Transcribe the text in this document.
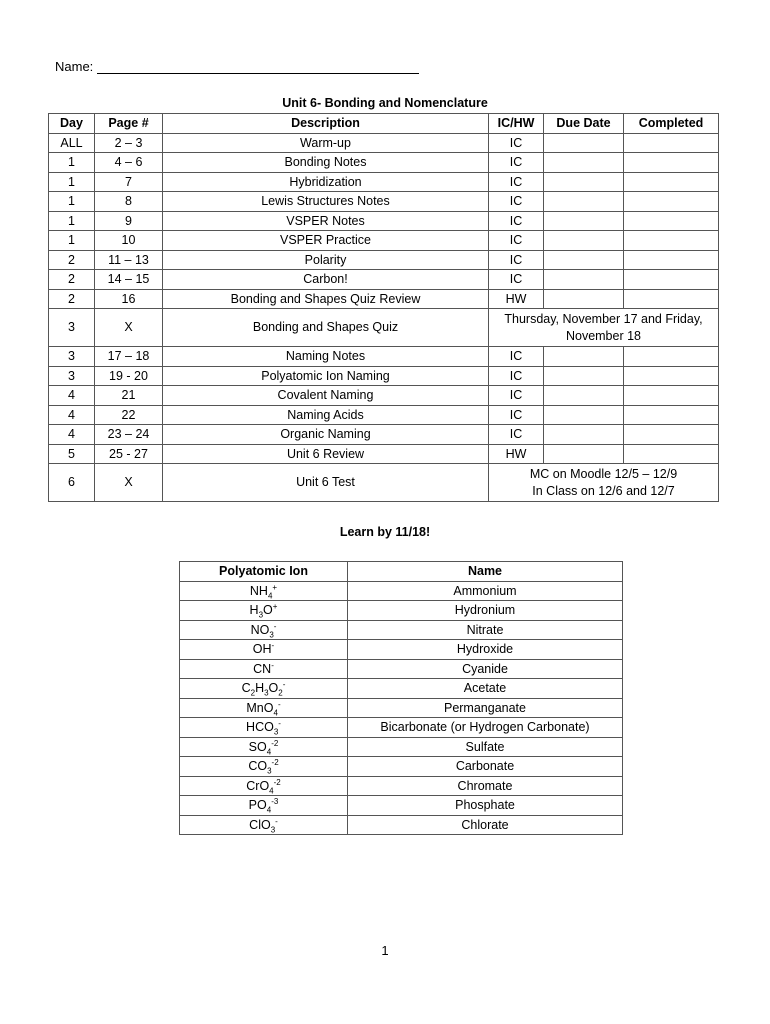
Name:
Unit 6- Bonding and Nomenclature
Day	Page #	Description	IC/HW	Due Date	Completed
ALL	2 – 3	Warm-up	IC		
1	4 – 6	Bonding Notes	IC		
1	7	Hybridization	IC		
1	8	Lewis Structures Notes	IC		
1	9	VSPER Notes	IC		
1	10	VSPER Practice	IC		
2	11 – 13	Polarity	IC		
2	14 – 15	Carbon!	IC		
2	16	Bonding and Shapes Quiz Review	HW		
3	X	Bonding and Shapes Quiz	Thursday, November 17 and Friday, November 18		
3	17 – 18	Naming Notes	IC		
3	19 - 20	Polyatomic Ion Naming	IC		
4	21	Covalent Naming	IC		
4	22	Naming Acids	IC		
4	23 – 24	Organic Naming	IC		
5	25 - 27	Unit 6 Review	HW		
6	X	Unit 6 Test	MC on Moodle 12/5 – 12/9
In Class on 12/6 and 12/7		
Learn by 11/18!
Polyatomic Ion	Name
$NH_4^+$	Ammonium
$H_3O^+$	Hydronium
$NO_3^-$	Nitrate
OH-	Hydroxide
CN-	Cyanide
$C_2H_3O_2^-$	Acetate
MnO$_4$-	Permanganate
$HCO_3^-$	Bicarbonate (or Hydrogen Carbonate)
$SO_4^{-2}$	Sulfate
$CO_3^{-2}$	Carbonate
CrO$_4^{-2}$	Chromate
$PO_4^{-3}$	Phosphate
ClO$_3$-	Chlorate
1
